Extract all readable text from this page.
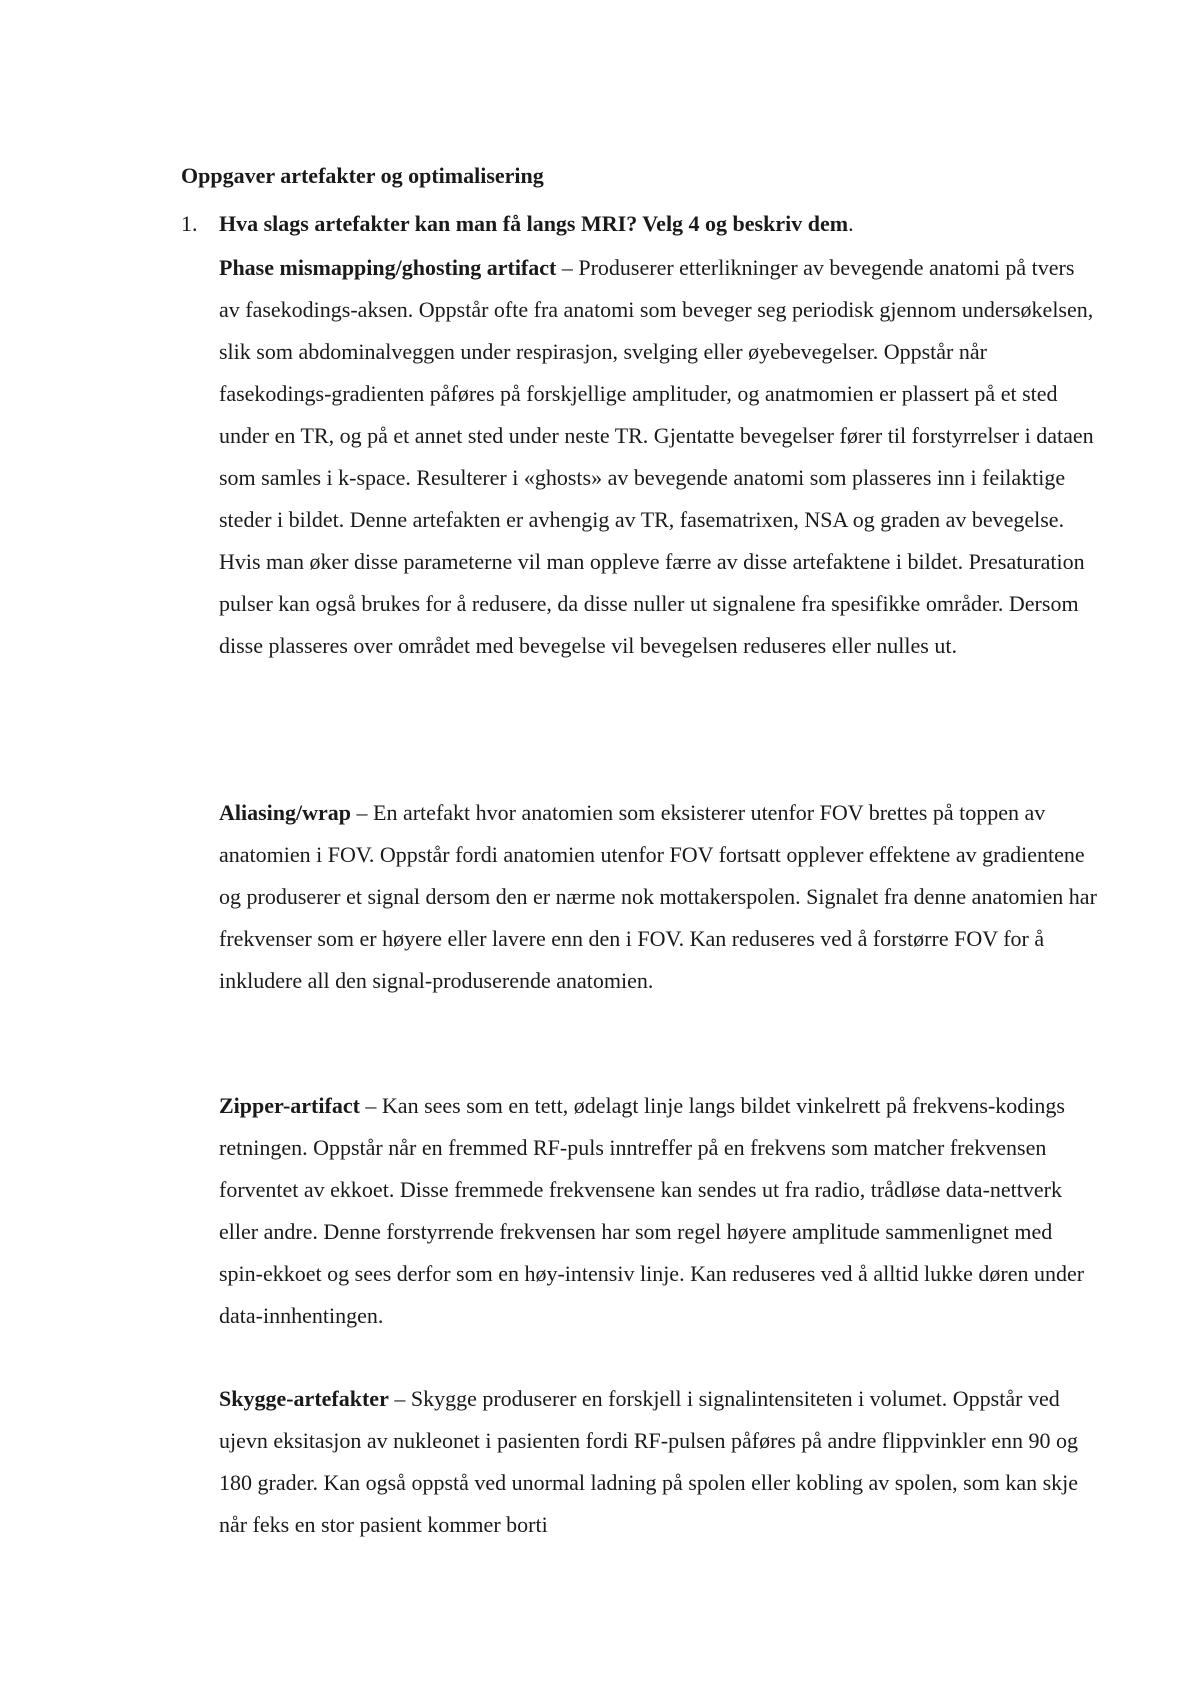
Oppgaver artefakter og optimalisering
1. Hva slags artefakter kan man få langs MRI? Velg 4 og beskriv dem.
Phase mismapping/ghosting artifact – Produserer etterlikninger av bevegende anatomi på tvers av fasekodings-aksen. Oppstår ofte fra anatomi som beveger seg periodisk gjennom undersøkelsen, slik som abdominalveggen under respirasjon, svelging eller øyebevegelser. Oppstår når fasekodings-gradienten påføres på forskjellige amplituder, og anatmomien er plassert på et sted under en TR, og på et annet sted under neste TR. Gjentatte bevegelser fører til forstyrrelser i dataen som samles i k-space. Resulterer i «ghosts» av bevegende anatomi som plasseres inn i feilaktige steder i bildet. Denne artefakten er avhengig av TR, fasematrixen, NSA og graden av bevegelse. Hvis man øker disse parameterne vil man oppleve færre av disse artefaktene i bildet. Presaturation pulser kan også brukes for å redusere, da disse nuller ut signalene fra spesifikke områder. Dersom disse plasseres over området med bevegelse vil bevegelsen reduseres eller nulles ut.
Aliasing/wrap – En artefakt hvor anatomien som eksisterer utenfor FOV brettes på toppen av anatomien i FOV. Oppstår fordi anatomien utenfor FOV fortsatt opplever effektene av gradientene og produserer et signal dersom den er nærme nok mottakerspolen. Signalet fra denne anatomien har frekvenser som er høyere eller lavere enn den i FOV. Kan reduseres ved å forstørre FOV for å inkludere all den signal-produserende anatomien.
Zipper-artifact – Kan sees som en tett, ødelagt linje langs bildet vinkelrett på frekvens-kodings retningen. Oppstår når en fremmed RF-puls inntreffer på en frekvens som matcher frekvensen forventet av ekkoet. Disse fremmede frekvensene kan sendes ut fra radio, trådløse data-nettverk eller andre. Denne forstyrrende frekvensen har som regel høyere amplitude sammenlignet med spin-ekkoet og sees derfor som en høy-intensiv linje. Kan reduseres ved å alltid lukke døren under data-innhentingen.
Skygge-artefakter – Skygge produserer en forskjell i signalintensiteten i volumet. Oppstår ved ujevn eksitasjon av nukleonet i pasienten fordi RF-pulsen påføres på andre flippvinkler enn 90 og 180 grader. Kan også oppstå ved unormal ladning på spolen eller kobling av spolen, som kan skje når feks en stor pasient kommer borti
